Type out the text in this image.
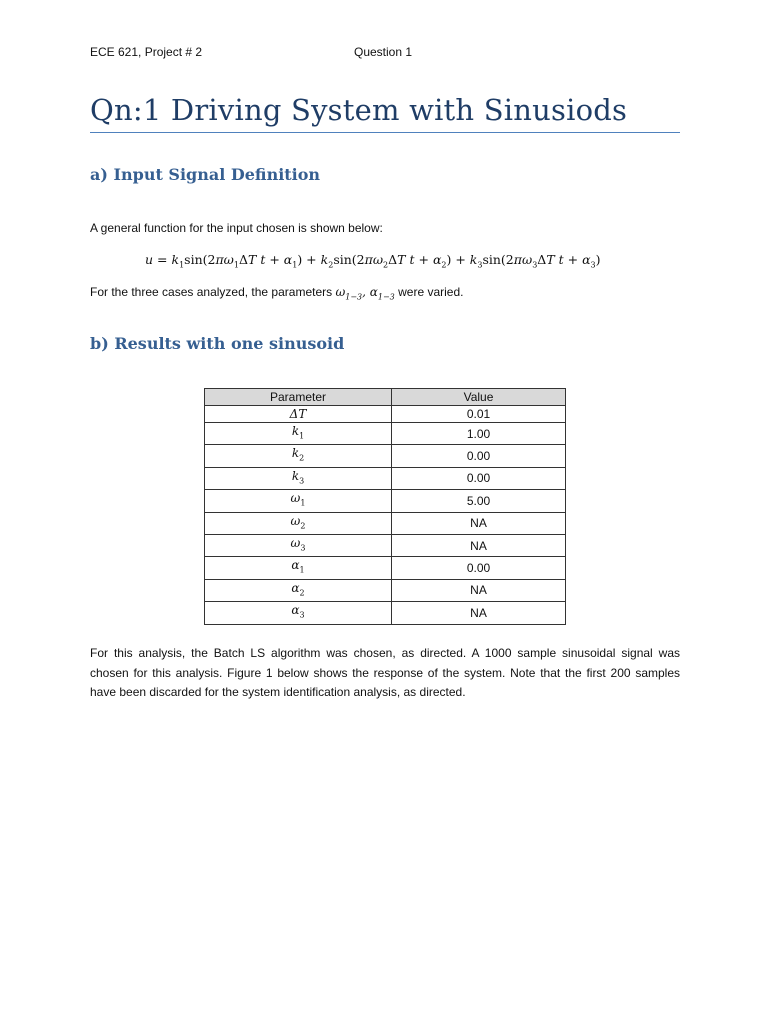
ECE 621, Project # 2	Question 1
Qn:1 Driving System with Sinusiods
a) Input Signal Definition
A general function for the input chosen is shown below:
$u = k_1\sin(2\pi\omega_1\Delta T$ $t + \alpha_1) + k_2\sin(2\pi\omega_2\Delta T$ $t + \alpha_2) + k_3\sin(2\pi\omega_3\Delta T$ $t + \alpha_3$)
For the three cases analyzed, the parameters $\omega_{1-3}$, $\alpha_{1-3}$ were varied.
b) Results with one sinusoid
Parameter	Value
ΔT	0.01
$k_1$	1.00
$k_2$	0.00
$k_3$	0.00
$\omega_1$	5.00
$\omega_2$	NA
$\omega_3$	NA
$\alpha_1$	0.00
$\alpha_2$	NA
$\alpha_3$	NA
For this analysis, the Batch LS algorithm was chosen, as directed. A 1000 sample sinusoidal signal was chosen for this analysis. Figure 1 below shows the response of the system. Note that the first 200 samples have been discarded for the system identification analysis, as directed.
